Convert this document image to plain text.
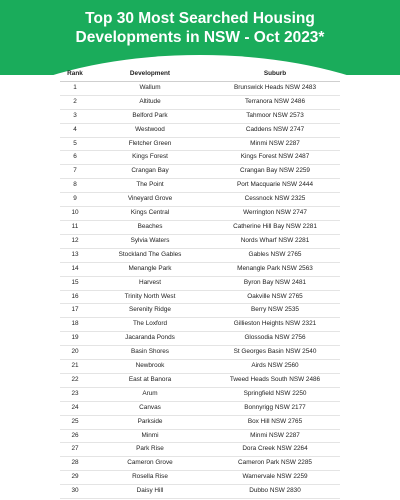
Top 30 Most Searched Housing
Developments in NSW - Oct 2023*
Rank	Development	Suburb
1	Wallum	Brunswick Heads NSW 2483
2	Altitude	Terranora NSW 2486
3	Belford Park	Tahmoor NSW 2573
4	Westwood	Caddens NSW 2747
5	Fletcher Green	Minmi NSW 2287
6	Kings Forest	Kings Forest NSW 2487
7	Crangan Bay	Crangan Bay NSW 2259
8	The Point	Port Macquarie NSW 2444
9	Vineyard Grove	Cessnock NSW 2325
10	Kings Central	Werrington NSW 2747
11	Beaches	Catherine Hill Bay NSW 2281
12	Sylvia Waters	Nords Wharf NSW 2281
13	Stockland The Gables	Gables NSW 2765
14	Menangle Park	Menangle Park NSW 2563
15	Harvest	Byron Bay NSW 2481
16	Trinity North West	Oakville NSW 2765
17	Serenity Ridge	Berry NSW 2535
18	The Loxford	Gillieston Heights NSW 2321
19	Jacaranda Ponds	Glossodia NSW 2756
20	Basin Shores	St Georges Basin NSW 2540
21	Newbrook	Airds NSW 2560
22	East at Banora	Tweed Heads South NSW 2486
23	Arum	Springfield NSW 2250
24	Canvas	Bonnyrigg NSW 2177
25	Parkside	Box Hill NSW 2765
26	Minmi	Minmi NSW 2287
27	Park Rise	Dora Creek NSW 2264
28	Cameron Grove	Cameron Park NSW 2285
29	Rosella Rise	Warnervale NSW 2259
30	Daisy Hill	Dubbo NSW 2830
